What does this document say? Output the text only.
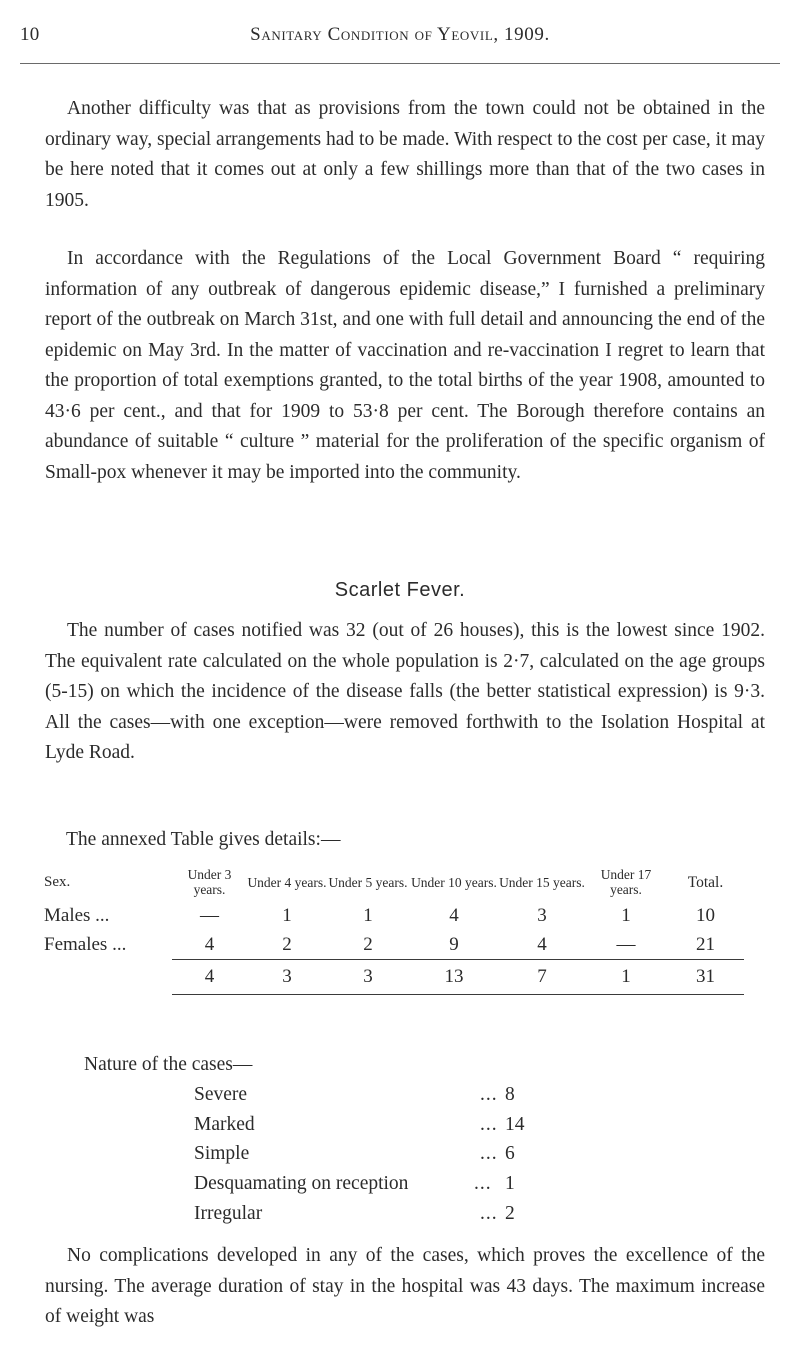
10	Sanitary Condition of Yeovil, 1909.

Another difficulty was that as provisions from the town could not be obtained in the ordinary way, special arrangements had to be made. With respect to the cost per case, it may be here noted that it comes out at only a few shillings more than that of the two cases in 1905.

In accordance with the Regulations of the Local Government Board “ requiring information of any outbreak of dangerous epidemic disease,” I furnished a preliminary report of the outbreak on March 31st, and one with full detail and announcing the end of the epidemic on May 3rd. In the matter of vaccination and re-vaccination I regret to learn that the proportion of total exemptions granted, to the total births of the year 1908, amounted to 43·6 per cent., and that for 1909 to 53·8 per cent. The Borough therefore contains an abundance of suitable “ culture ” material for the proliferation of the specific organism of Small-pox whenever it may be imported into the community.

Scarlet Fever.

The number of cases notified was 32 (out of 26 houses), this is the lowest since 1902. The equivalent rate calculated on the whole population is 2·7, calculated on the age groups (5-15) on which the incidence of the disease falls (the better statistical expression) is 9·3. All the cases—with one exception—were removed forthwith to the Isolation Hospital at Lyde Road.

The annexed Table gives details:—
Sex.	Under 3 years.	Under 4 years.	Under 5 years.	Under 10 years.	Under 15 years.	Under 17 years.	Total.
Males ...	—	1	1	4	3	1	10
Females ...	4	2	2	9	4	—	21
	4	3	3	13	7	1	31
Nature of the cases—
Severe	... 8
Marked	... 14
Simple	... 6
Desquamating on reception	... 1
Irregular	... 2

No complications developed in any of the cases, which proves the excellence of the nursing. The average duration of stay in the hospital was 43 days. The maximum increase of weight was
